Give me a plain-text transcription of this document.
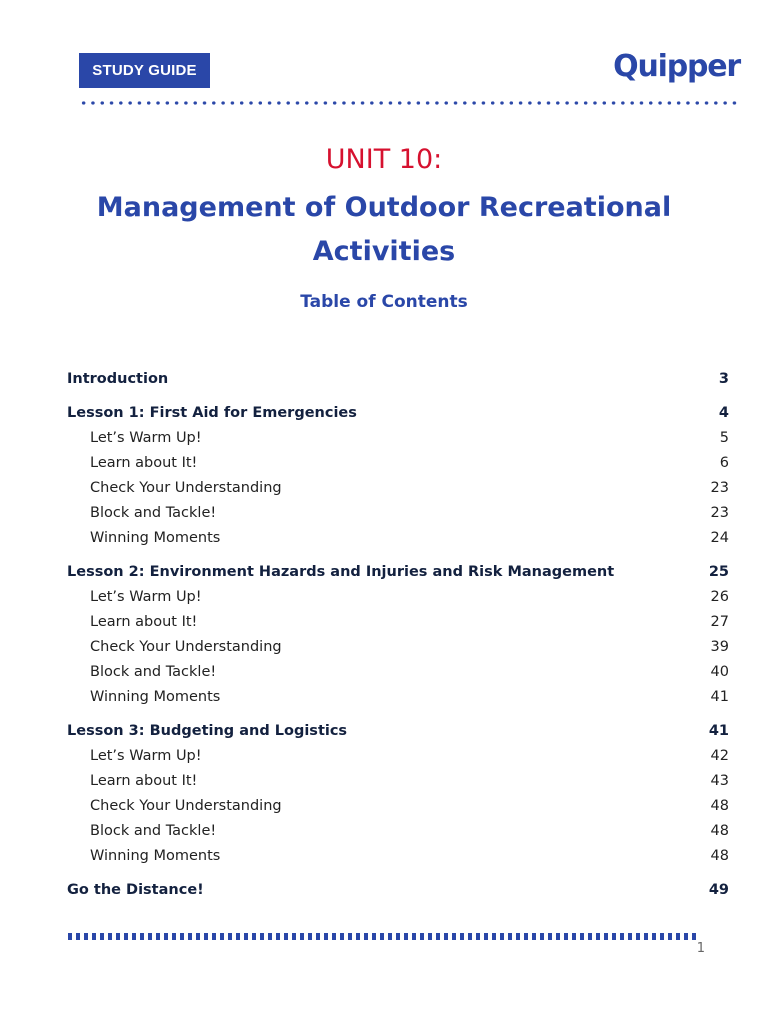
STUDY GUIDE	Quipper
UNIT 10:
Management of Outdoor Recreational
Activities
Table of Contents
Introduction	3
Lesson 1: First Aid for Emergencies	4
Let’s Warm Up!	5
Learn about It!	6
Check Your Understanding	23
Block and Tackle!	23
Winning Moments	24
Lesson 2: Environment Hazards and Injuries and Risk Management	25
Let’s Warm Up!	26
Learn about It!	27
Check Your Understanding	39
Block and Tackle!	40
Winning Moments	41
Lesson 3: Budgeting and Logistics	41
Let’s Warm Up!	42
Learn about It!	43
Check Your Understanding	48
Block and Tackle!	48
Winning Moments	48
Go the Distance!	49
1
